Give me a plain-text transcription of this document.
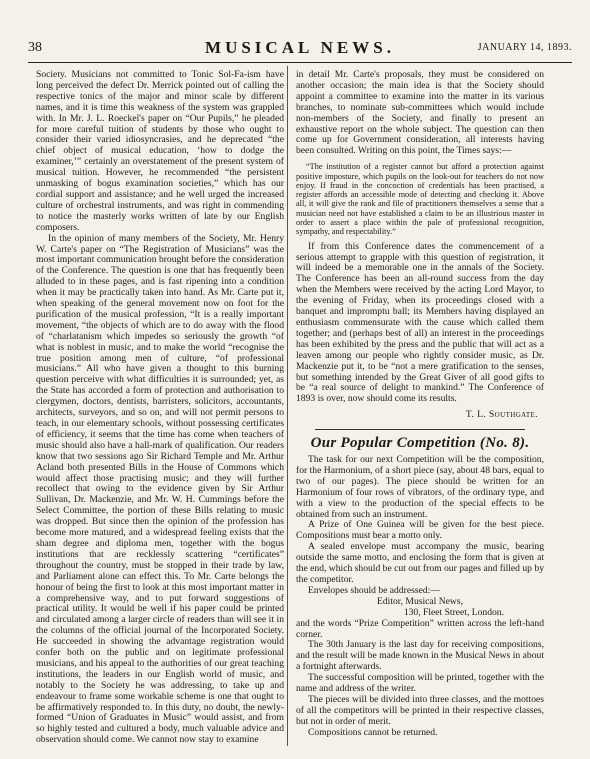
38	MUSICAL NEWS.	JANUARY 14, 1893.

Society. Musicians not committed to Tonic Sol-Fa-ism have long perceived the defect Dr. Merrick pointed out of calling the respective tonics of the major and minor scale by different names, and it is time this weakness of the system was grappled with. In Mr. J. L. Roeckel's paper on “Our Pupils,” he pleaded for more careful tuition of students by those who ought to consider their varied idiosyncrasies, and he deprecated “the chief object of musical education, ‘how to dodge the examiner,’” certainly an overstatement of the present system of musical tuition. However, he recommended “the persistent unmasking of bogus examination societies,” which has our cordial support and assistance; and he well urged the increased culture of orchestral instruments, and was right in commending to notice the masterly works written of late by our English composers.

In the opinion of many members of the Society, Mr. Henry W. Carte's paper on “The Registration of Musicians” was the most important communication brought before the consideration of the Conference. The question is one that has frequently been alluded to in these pages, and is fast ripening into a condition when it may be practically taken into hand. As Mr. Carte put it, when speaking of the general movement now on foot for the purification of the musical profession, “It is a really important movement, “the objects of which are to do away with the flood of “charlatanism which impedes so seriously the growth “of what is noblest in music, and to make the world “recognise the true position among men of culture, “of professional musicians.” All who have given a thought to this burning question perceive with what difficulties it is surrounded; yet, as the State has accorded a form of protection and authorisation to clergymen, doctors, dentists, barristers, solicitors, accountants, architects, surveyors, and so on, and will not permit persons to teach, in our elementary schools, without possessing certificates of efficiency, it seems that the time has come when teachers of music should also have a hall-mark of qualification. Our readers know that two sessions ago Sir Richard Temple and Mr. Arthur Acland both presented Bills in the House of Commons which would affect those practising music; and they will further recollect that owing to the evidence given by Sir Arthur Sullivan, Dr. Mackenzie, and Mr. W. H. Cummings before the Select Committee, the portion of these Bills relating to music was dropped. But since then the opinion of the profession has become more matured, and a widespread feeling exists that the sham degree and diploma men, together with the bogus institutions that are recklessly scattering “certificates” throughout the country, must be stopped in their trade by law, and Parliament alone can effect this. To Mr. Carte belongs the honour of being the first to look at this most important matter in a comprehensive way, and to put forward suggestions of practical utility. It would be well if his paper could be printed and circulated among a larger circle of readers than will see it in the columns of the official journal of the Incorporated Society. He succeeded in showing the advantage registration would confer both on the public and on legitimate professional musicians, and his appeal to the authorities of our great teaching institutions, the leaders in our English world of music, and notably to the Society he was addressing, to take up and endeavour to frame some workable scheme is one that ought to be affirmatively responded to. In this duty, no doubt, the newly-formed “Union of Graduates in Music” would assist, and from so highly tested and cultured a body, much valuable advice and observation should come. We cannot now stay to examine

in detail Mr. Carte's proposals, they must be considered on another occasion; the main idea is that the Society should appoint a committee to examine into the matter in its various branches, to nominate sub-committees which would include non-members of the Society, and finally to present an exhaustive report on the whole subject. The question can then come up for Government consideration, all interests having been consulted. Writing on this point, the Times says:—

“The institution of a register cannot but afford a protection against positive imposture, which pupils on the look-out for teachers do not now enjoy. If fraud in the concoction of credentials has been practised, a register affords an accessible mode of detecting and checking it. Above all, it will give the rank and file of practitioners themselves a sense that a musician need not have established a claim to be an illustrious master in order to assert a place within the pale of professional recognition, sympathy, and respectability.”

If from this Conference dates the commencement of a serious attempt to grapple with this question of registration, it will indeed be a memorable one in the annals of the Society. The Conference has been an all-round success from the day when the Members were received by the acting Lord Mayor, to the evening of Friday, when its proceedings closed with a banquet and impromptu ball; its Members having displayed an enthusiasm commensurate with the cause which called them together; and (perhaps best of all) an interest in the proceedings has been exhibited by the press and the public that will act as a leaven among our people who rightly consider music, as Dr. Mackenzie put it, to be “not a mere gratification to the senses, but something intended by the Great Giver of all good gifts to be “a real source of delight to mankind.” The Conference of 1893 is over, now should come its results.

T. L. Southgate.
Our Popular Competition (No. 8).

The task for our next Competition will be the composition, for the Harmonium, of a short piece (say, about 48 bars, equal to two of our pages). The piece should be written for an Harmonium of four rows of vibrators, of the ordinary type, and with a view to the production of the special effects to be obtained from such an instrument.

A Prize of One Guinea will be given for the best piece. Compositions must bear a motto only.

A sealed envelope must accompany the music, bearing outside the same motto, and enclosing the form that is given at the end, which should be cut out from our pages and filled up by the competitor.

Envelopes should be addressed:—

Editor, Musical News,

130, Fleet Street, London.

and the words “Prize Competition” written across the left-hand corner.

The 30th January is the last day for receiving compositions, and the result will be made known in the Musical News in about a fortnight afterwards.

The successful composition will be printed, together with the name and address of the writer.

The pieces will be divided into three classes, and the mottoes of all the competitors will be printed in their respective classes, but not in order of merit.

Compositions cannot be returned.
